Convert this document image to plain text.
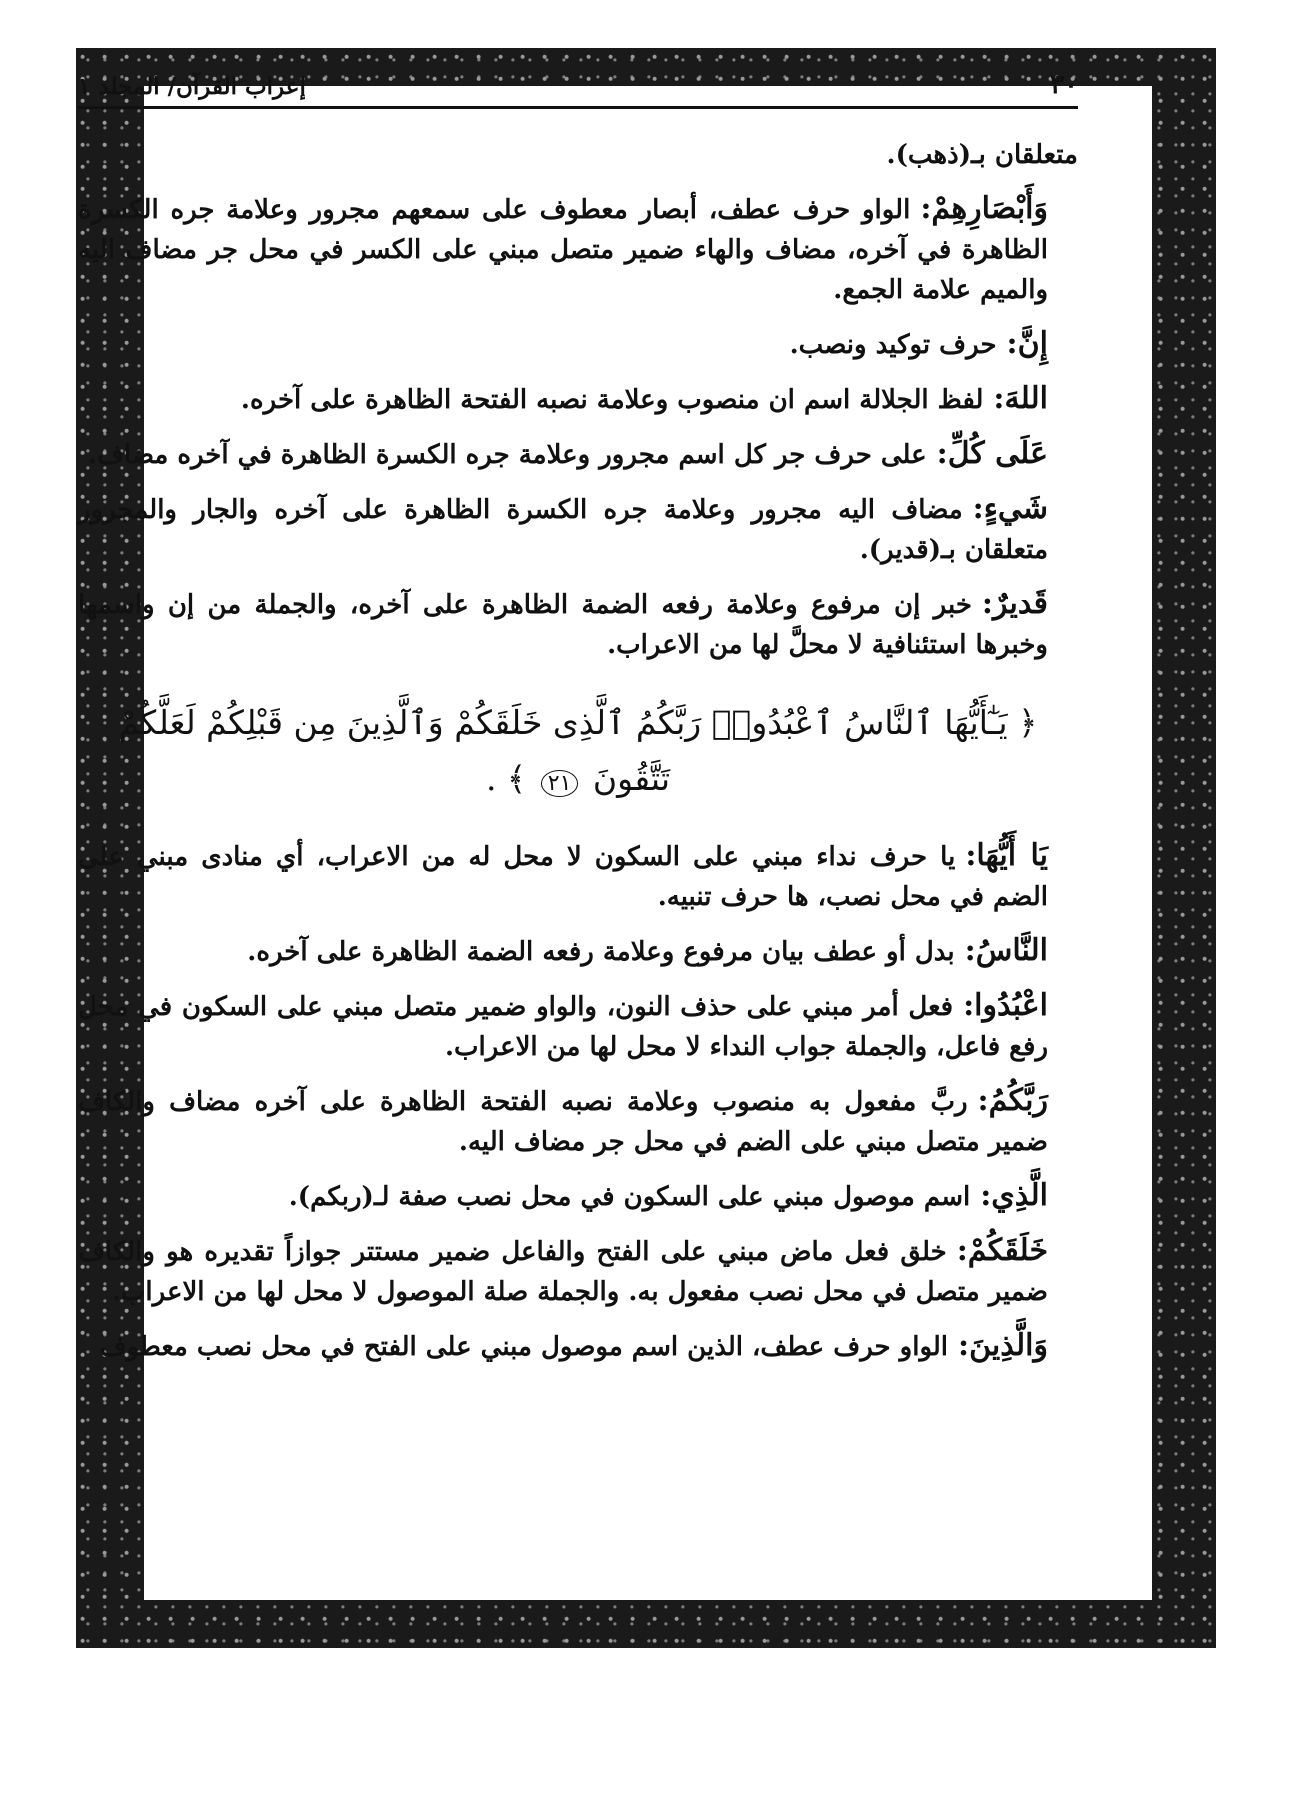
٣٠
إعراب القرآن/ المجلد ١

متعلقان بـ(ذهب).

وَأَبْصَارِهِمْ:الواو حرف عطف، أبصار معطوف على سمعهم مجرور وعلامة جره الكسرة الظاهرة في آخره، مضاف والهاء ضمير متصل مبني على الكسر في محل جر مضاف اليه والميم علامة الجمع.

إِنَّ:حرف توكيد ونصب.

اللهَ:لفظ الجلالة اسم ان منصوب وعلامة نصبه الفتحة الظاهرة على آخره.

عَلَى كُلِّ:على حرف جر كل اسم مجرور وعلامة جره الكسرة الظاهرة في آخره مضاف.

شَيءٍ:مضاف اليه مجرور وعلامة جره الكسرة الظاهرة على آخره والجار والمجرور متعلقان بـ(قدير).

قَديرٌ:خبر إن مرفوع وعلامة رفعه الضمة الظاهرة على آخره، والجملة من إن واسمها وخبرها استئنافية لا محلَّ لها من الاعراب.

﴿ يَـٰٓأَيُّهَا ٱلنَّاسُ ٱعْبُدُوا۟ رَبَّكُمُ ٱلَّذِى خَلَقَكُمْ وَٱلَّذِينَ مِن قَبْلِكُمْ لَعَلَّكُمْ تَتَّقُونَ ٢١ ﴾ .

يَا أَيُّهَا:يا حرف نداء مبني على السكون لا محل له من الاعراب، أي منادى مبني على الضم في محل نصب، ها حرف تنبيه.

النَّاسُ:بدل أو عطف بيان مرفوع وعلامة رفعه الضمة الظاهرة على آخره.

اعْبُدُوا:فعل أمر مبني على حذف النون، والواو ضمير متصل مبني على السكون في محل رفع فاعل، والجملة جواب النداء لا محل لها من الاعراب.

رَبَّكُمُ:ربَّ مفعول به منصوب وعلامة نصبه الفتحة الظاهرة على آخره مضاف والكاف ضمير متصل مبني على الضم في محل جر مضاف اليه.

الَّذِي:اسم موصول مبني على السكون في محل نصب صفة لـ(ربكم).

خَلَقَكُمْ:خلق فعل ماض مبني على الفتح والفاعل ضمير مستتر جوازاً تقديره هو والكاف ضمير متصل في محل نصب مفعول به. والجملة صلة الموصول لا محل لها من الاعراب.

وَالَّذِينَ:الواو حرف عطف، الذين اسم موصول مبني على الفتح في محل نصب معطوف
